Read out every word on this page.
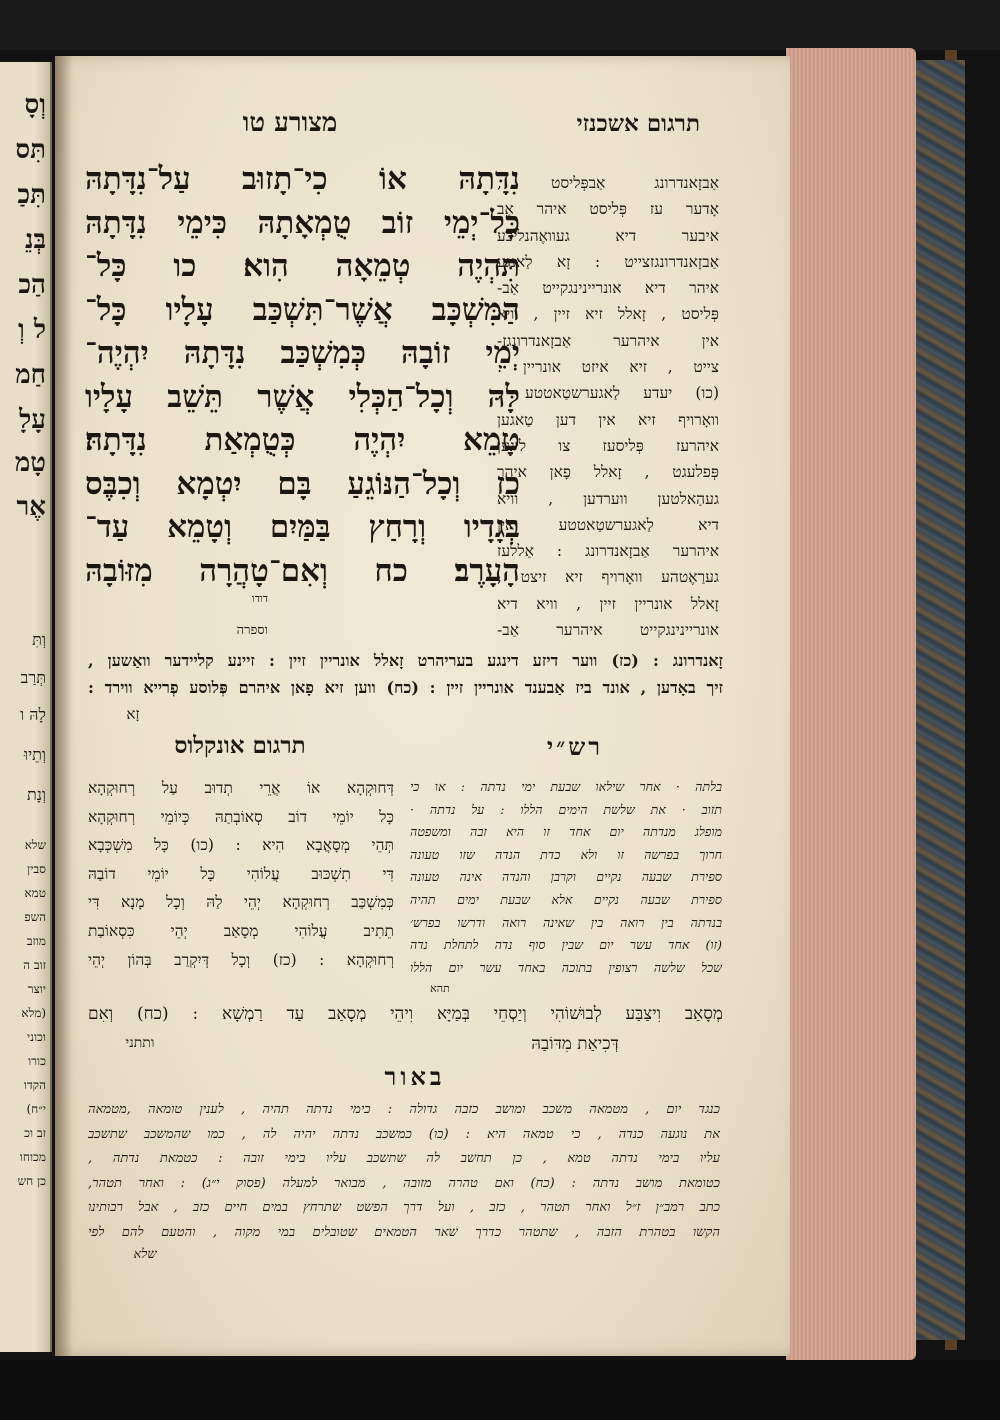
וְסָ
תִּס
תִּכַ
בְּנֵ
הַכ
ל וְ
חַמ
עָלָ
טָמ
אֶר
וְתִּ
תְּרַב
לָהּ ו
וְתֵיוּ
וְנָת
שלא
סבין
טמא
השפ
מוזב
זוב ה
יוצר
(מלא
וכוני
כורו
הקדו
י״ח)
זב וכ
מכוחו
כן חש
תרגום אשכנזי
מצורע טו
נִדָּתָהּ אוֹ כִי־תָזוּב עַל־נִדָּתָהּ
כָּל־יְמֵי זוֹב טֻמְאָתָהּ כִּימֵי נִדָּתָהּ
תִּהְיֶה טְמֵאָה הִוא׃ כו כָּל־
הַמִּשְׁכָּב אֲשֶׁר־תִּשְׁכַּב עָלָיו כָּל־
יְמֵי זוֹבָהּ כְּמִשְׁכַּב נִדָּתָהּ יִהְיֶה־
לָּהּ וְכָל־הַכְּלִי אֲשֶׁר תֵּשֵׁב עָלָיו
טָמֵא יִהְיֶה כְּטֻמְאַת נִדָּתָהּ׃
כז וְכָל־הַנּוֹגֵעַ בָּם יִטְמָא וְכִבֶּס
בְּגָדָיו וְרָחַץ בַּמַּיִם וְטָמֵא עַד־
הָעָרֶב׃ כח וְאִם־טָהֲרָה מִזּוֹבָהּ
דודו
אַבזָאנדרונג אַבפְּליסט ,
אָדער עז פְּליסט איהר אַב
איבער דיא געוואֶהנליכע
אַבזָאנדרונגזצייט : זָא לַאנגע
איהר דיא אונריינינגקייט אַב-
פְּליסט , זָאלל זיא זיין , וויא
אין איהרער אַבזָאנדרונגז-
צייט , זיא איזט אונריין :
(כו) יעדע לַאגערשטַאטטע ,
וואָרויף זיא אין דען טַאגען
איהרעז פְּליסעז צו ליגען
פְּפלעגט , זָאלל פָאן איהר
געהַאלטען ווערדען , וויא
דיא לַאגערשטַאטטע אין
איהרער אַבזָאנדרונג : אַללעז
גערַאֶטהע וואָרויף זיא זיצט ,
זָאלל אונריין זיין , וויא דיא
אונריינינגקייט איהרער אַב-
וספרה
זָאנדרונג : (כז) ווער דיזע דינגע בעריהרט זָאלל אונריין זיין : זיינע קליידער וואַשען ,
זיך באָדען , אונד ביז אַבענד אונריין זיין : (כח) ווען זיא פָאן איהרם פְּלוסע פְרייא ווירד :
זָא
רש״י
תרגום אונקלוס
בלתה · אחר שילאו שבעת ימי נדתה : או כי
תזוב · את שלשת הימים הללו : על נדתה ·
מופלג מנדתה יום אחד זו היא זבה ומשפטה
חרוך בפרשה זו ולא כדת הנדה שזו טעונה
ספירת שבעה נקיים וקרבן והנדה אינה טעונה
ספירת שבעה נקיים אלא שבעת ימים תהיה
בנדתה בין רואה בין שאינה רואה ודרשו בפרש׳
(זו) אחד עשר יום שבין סוף נדה לתחלת נדה
שכל שלשה רצופין בתוכה באחד עשר יום הללו
תהא
דְּחוּקְהָא אוֹ אֲרֵי תְדוּב עַל רְחוּקְהָא
כָּל יוֹמֵי דוֹב סְאוֹבְתַהּ כְּיוֹמֵי רְחוּקְהָא
תְּהֵי מְסָאֲבָא הִיא : (כו) כָּל מִשְׁכְּבָא
דִּי תִשְׁכּוּב עֲלוֹהִי כָּל יוֹמֵי דוֹבַהּ
כְּמִשְׁכַּב רְחוּקְהָא יְהֵי לַהּ וְכָל מָנָא דִּי
תֵתִיב עֲלוֹהִי מְסָאַב יְהֵי כִּסְאוֹבַת
רְחוּקְהָא : (כז) וְכָל דְּיִקְרַב בְּהוֹן יְהֵי
מְסָאַב וִיצַבַּע לְבוּשׁוֹהִי וְיַסְחֵי בְּמַיָּא וִיהֵי מְסָאַב עַד רַמְשָׁא : (כח) וְאִם
ותתני	דְּכִיאַת מִדּוֹבַהּ
באור
כנגד יום , מטמאה משכב ומושב כזבה גדולה : כימי נדתה תהיה , לענין טומאה ,מטמאה
את נוגעה כנדה , כי טמאה היא : (כו) כמשכב נדתה יהיה לה , כמו שהמשכב שתשכב
עליו בימי נדתה טמא , כן תחשב לה שתשכב עליו בימי זובה : כטמאת נדתה ,
כטומאת מושב נדתה : (כח) ואם טהרה מזובה , מבואר למעלה (פסוק י״ג) : ואחר תטהר,
כתב רמב״ן ז״ל ואחר תטהר , כזב , ועל דרך הפשט שתרחץ במים חיים כזב , אבל רבותינו
הקשו בטהרת הזבה , שתטהר כדרך שאר הטמאים שטובלים במי מקוה , והטעם להם לפי
שלא
